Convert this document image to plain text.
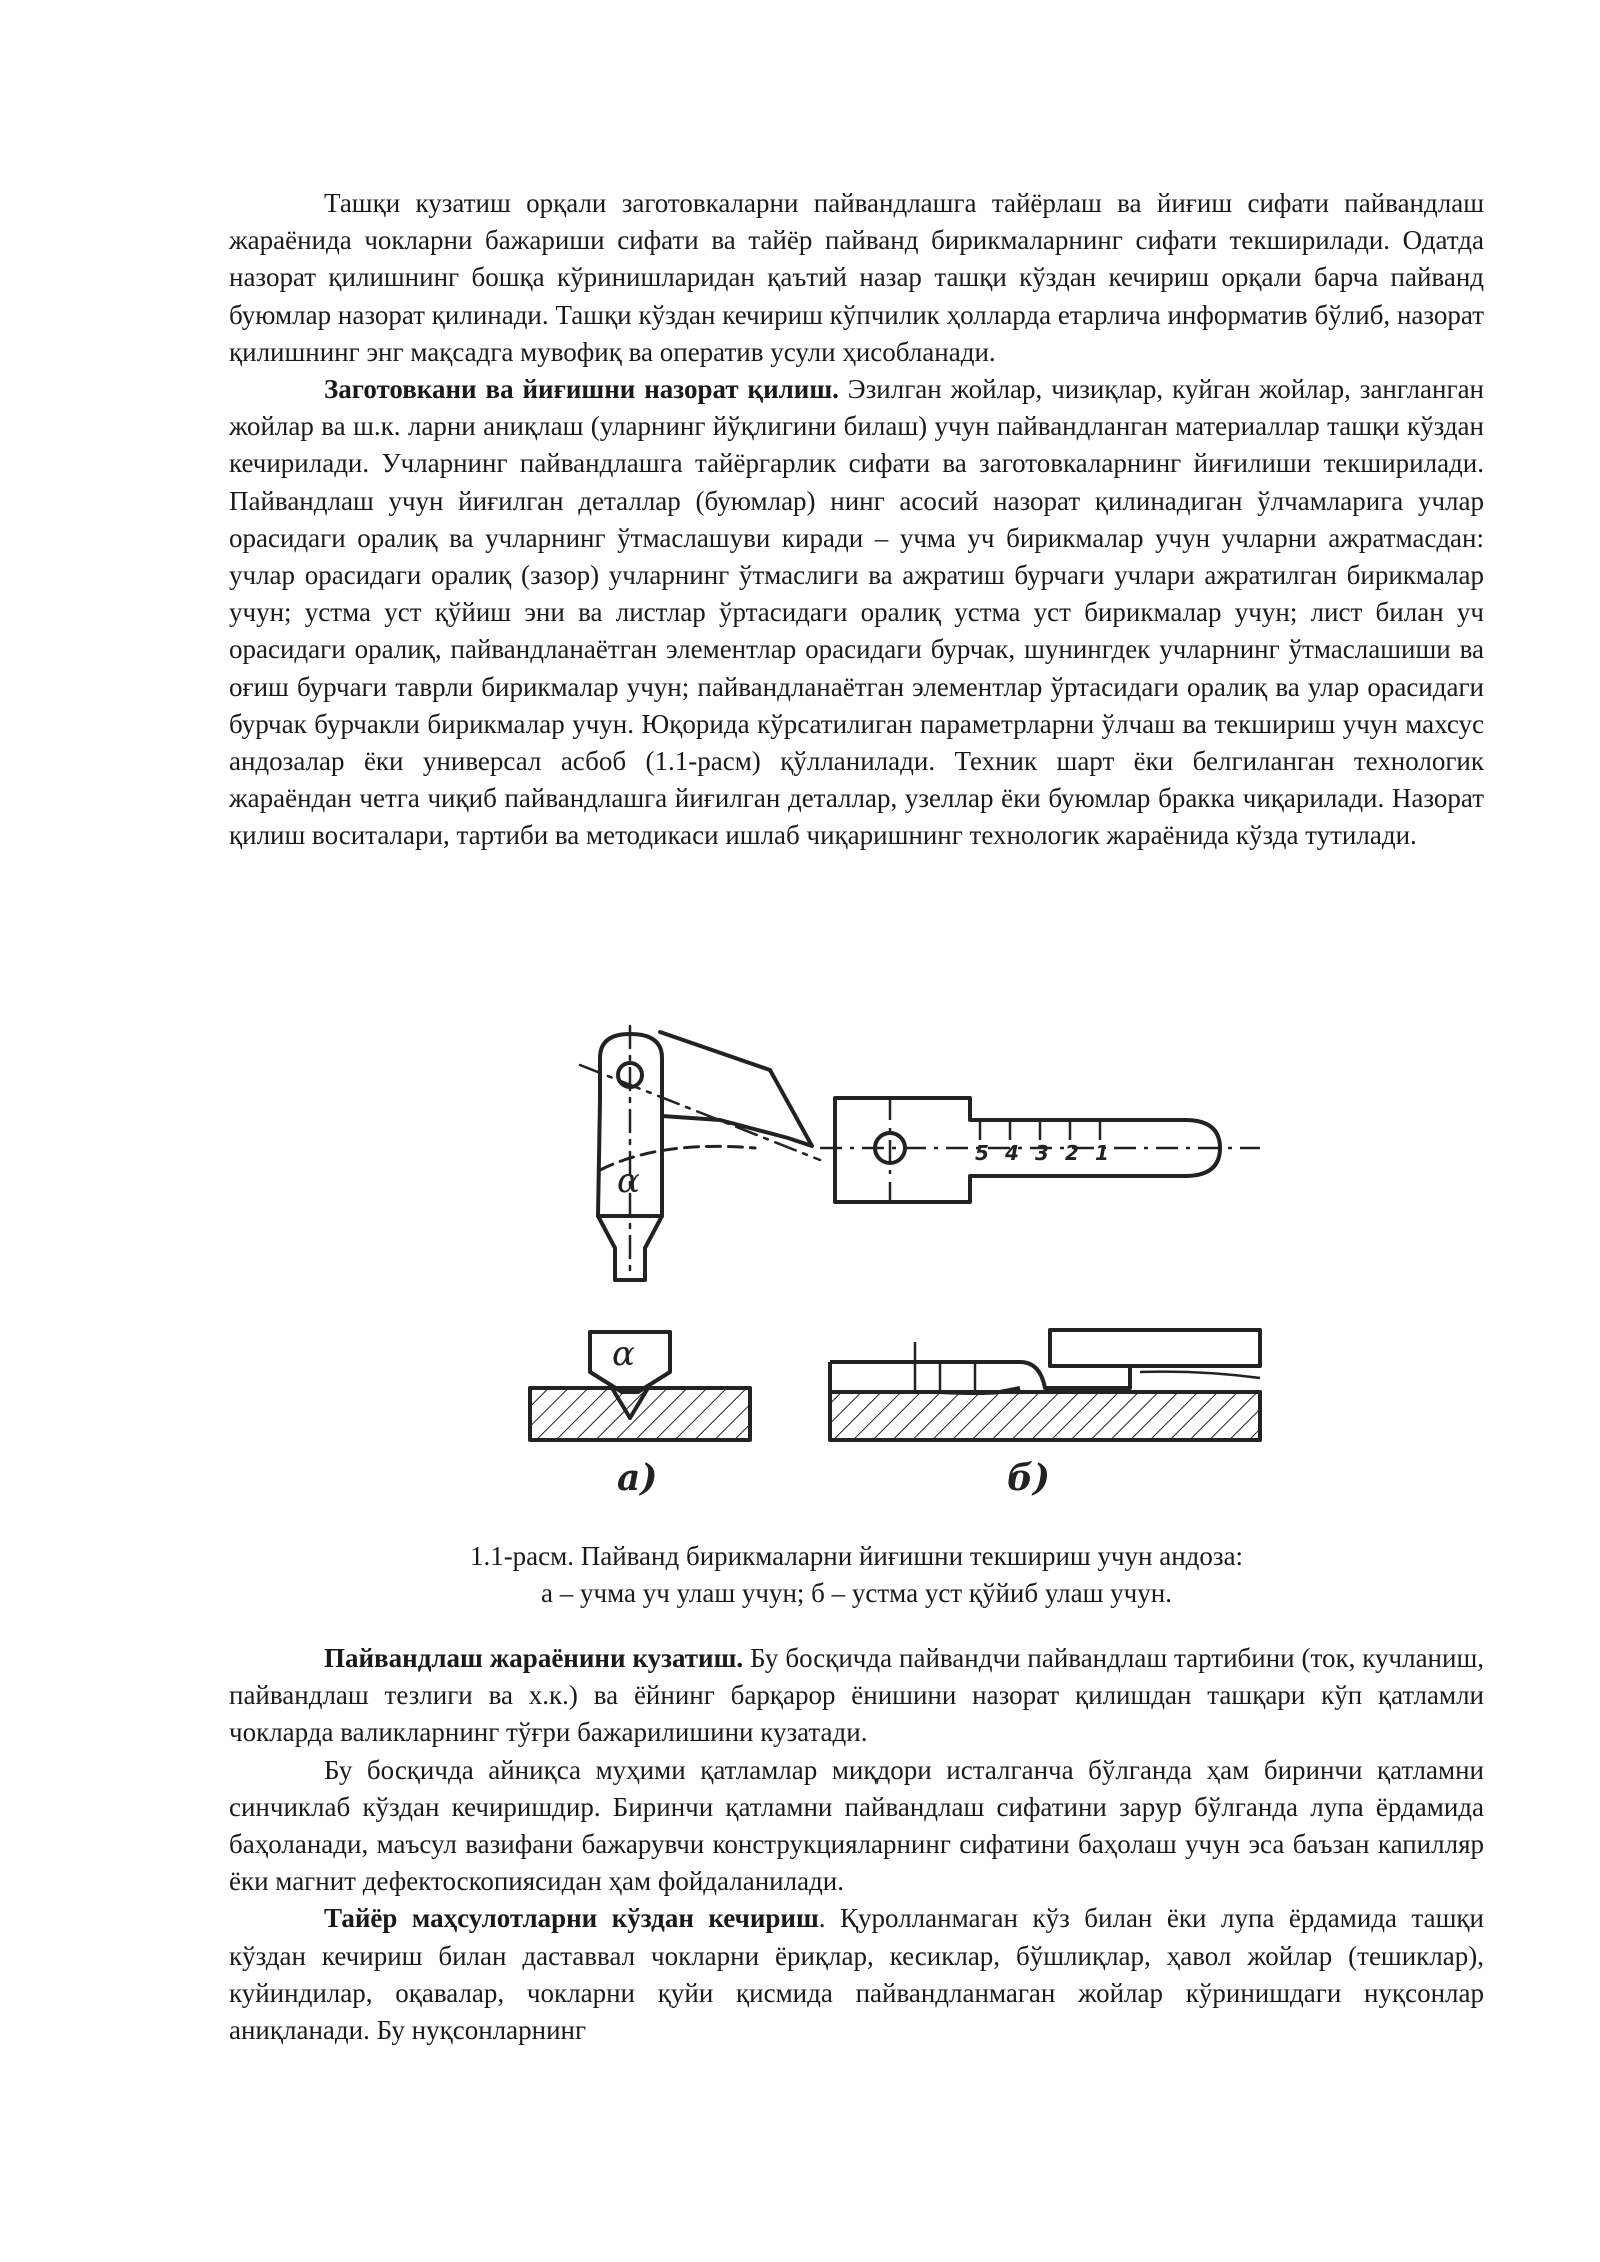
Ташқи кузатиш орқали заготовкаларни пайвандлашга тайёрлаш ва йиғиш сифати пайвандлаш жараёнида чокларни бажариши сифати ва тайёр пайванд бирикмаларнинг сифати текширилади. Одатда назорат қилишнинг бошқа кўринишларидан қаътий назар ташқи кўздан кечириш орқали барча пайванд буюмлар назорат қилинади. Ташқи кўздан кечириш кўпчилик ҳолларда етарлича информатив бўлиб, назорат қилишнинг энг мақсадга мувофиқ ва оператив усули ҳисобланади.

Заготовкани ва йиғишни назорат қилиш. Эзилган жойлар, чизиқлар, куйган жойлар, зангланган жойлар ва ш.к. ларни аниқлаш (уларнинг йўқлигини билаш) учун пайвандланган материаллар ташқи кўздан кечирилади. Учларнинг пайвандлашга тайёргарлик сифати ва заготовкаларнинг йиғилиши текширилади. Пайвандлаш учун йиғилган деталлар (буюмлар) нинг асосий назорат қилинадиган ўлчамларига учлар орасидаги оралиқ ва учларнинг ўтмаслашуви киради – учма уч бирикмалар учун учларни ажратмасдан: учлар орасидаги оралиқ (зазор) учларнинг ўтмаслиги ва ажратиш бурчаги учлари ажратилган бирикмалар учун; устма уст қўйиш эни ва листлар ўртасидаги оралиқ устма уст бирикмалар учун; лист билан уч орасидаги оралиқ, пайвандланаётган элементлар орасидаги бурчак, шунингдек учларнинг ўтмаслашиши ва оғиш бурчаги таврли бирикмалар учун; пайвандланаётган элементлар ўртасидаги оралиқ ва улар орасидаги бурчак бурчакли бирикмалар учун. Юқорида кўрсатилиган параметрларни ўлчаш ва текшириш учун махсус андозалар ёки универсал асбоб (1.1-расм) қўлланилади. Техник шарт ёки белгиланган технологик жараёндан четга чиқиб пайвандлашга йиғилган деталлар, узеллар ёки буюмлар бракка чиқарилади. Назорат қилиш воситалари, тартиби ва методикаси ишлаб чиқаришнинг технологик жараёнида кўзда тутилади.

α
α
а)
5 4 3 2 1
б)
1.1-расм. Пайванд бирикмаларни йиғишни текшириш учун андоза:
а – учма уч улаш учун; б – устма уст қўйиб улаш учун.

Пайвандлаш жараёнини кузатиш. Бу босқичда пайвандчи пайвандлаш тартибини (ток, кучланиш, пайвандлаш тезлиги ва х.к.) ва ёйнинг барқарор ёнишини назорат қилишдан ташқари кўп қатламли чокларда валикларнинг тўғри бажарилишини кузатади.

Бу босқичда айниқса муҳими қатламлар миқдори исталганча бўлганда ҳам биринчи қатламни синчиклаб кўздан кечиришдир. Биринчи қатламни пайвандлаш сифатини зарур бўлганда лупа ёрдамида баҳоланади, маъсул вазифани бажарувчи конструкцияларнинг сифатини баҳолаш учун эса баъзан капилляр ёки магнит дефектоскопиясидан ҳам фойдаланилади.

Тайёр маҳсулотларни кўздан кечириш. Қуролланмаган кўз билан ёки лупа ёрдамида ташқи кўздан кечириш билан даставвал чокларни ёриқлар, кесиклар, бўшлиқлар, ҳавол жойлар (тешиклар), куйиндилар, оқавалар, чокларни қуйи қисмида пайвандланмаган жойлар кўринишдаги нуқсонлар аниқланади. Бу нуқсонларнинг
